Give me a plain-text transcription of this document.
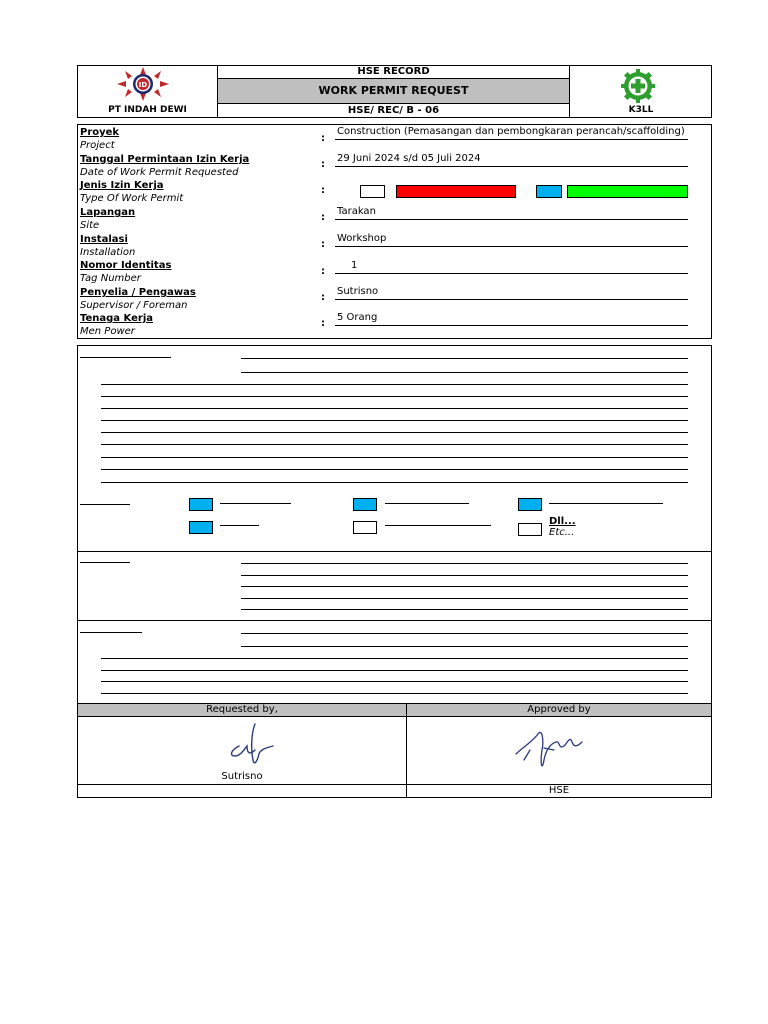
ID
PT INDAH DEWI
HSE RECORD
WORK PERMIT REQUEST
HSE/ REC/ B - 06	K3LL
Proyek
Project
:
Construction (Pemasangan dan pembongkaran perancah/scaffolding)
Tanggal Permintaan Izin Kerja
Date of Work Permit Requested
:
29 Juni 2024 s/d 05 Juli 2024
Jenis Izin Kerja
Type Of Work Permit
:
Lapangan
Site
:
Tarakan
Instalasi
Installation
:
Workshop
Nomor Identitas
Tag Number
:
1
Penyelia / Pengawas
Supervisor / Foreman
:
Sutrisno
Tenaga Kerja
Men Power
:
5 Orang
Dll...
Etc...
Requested by,	Approved by
Sutrisno
HSE
